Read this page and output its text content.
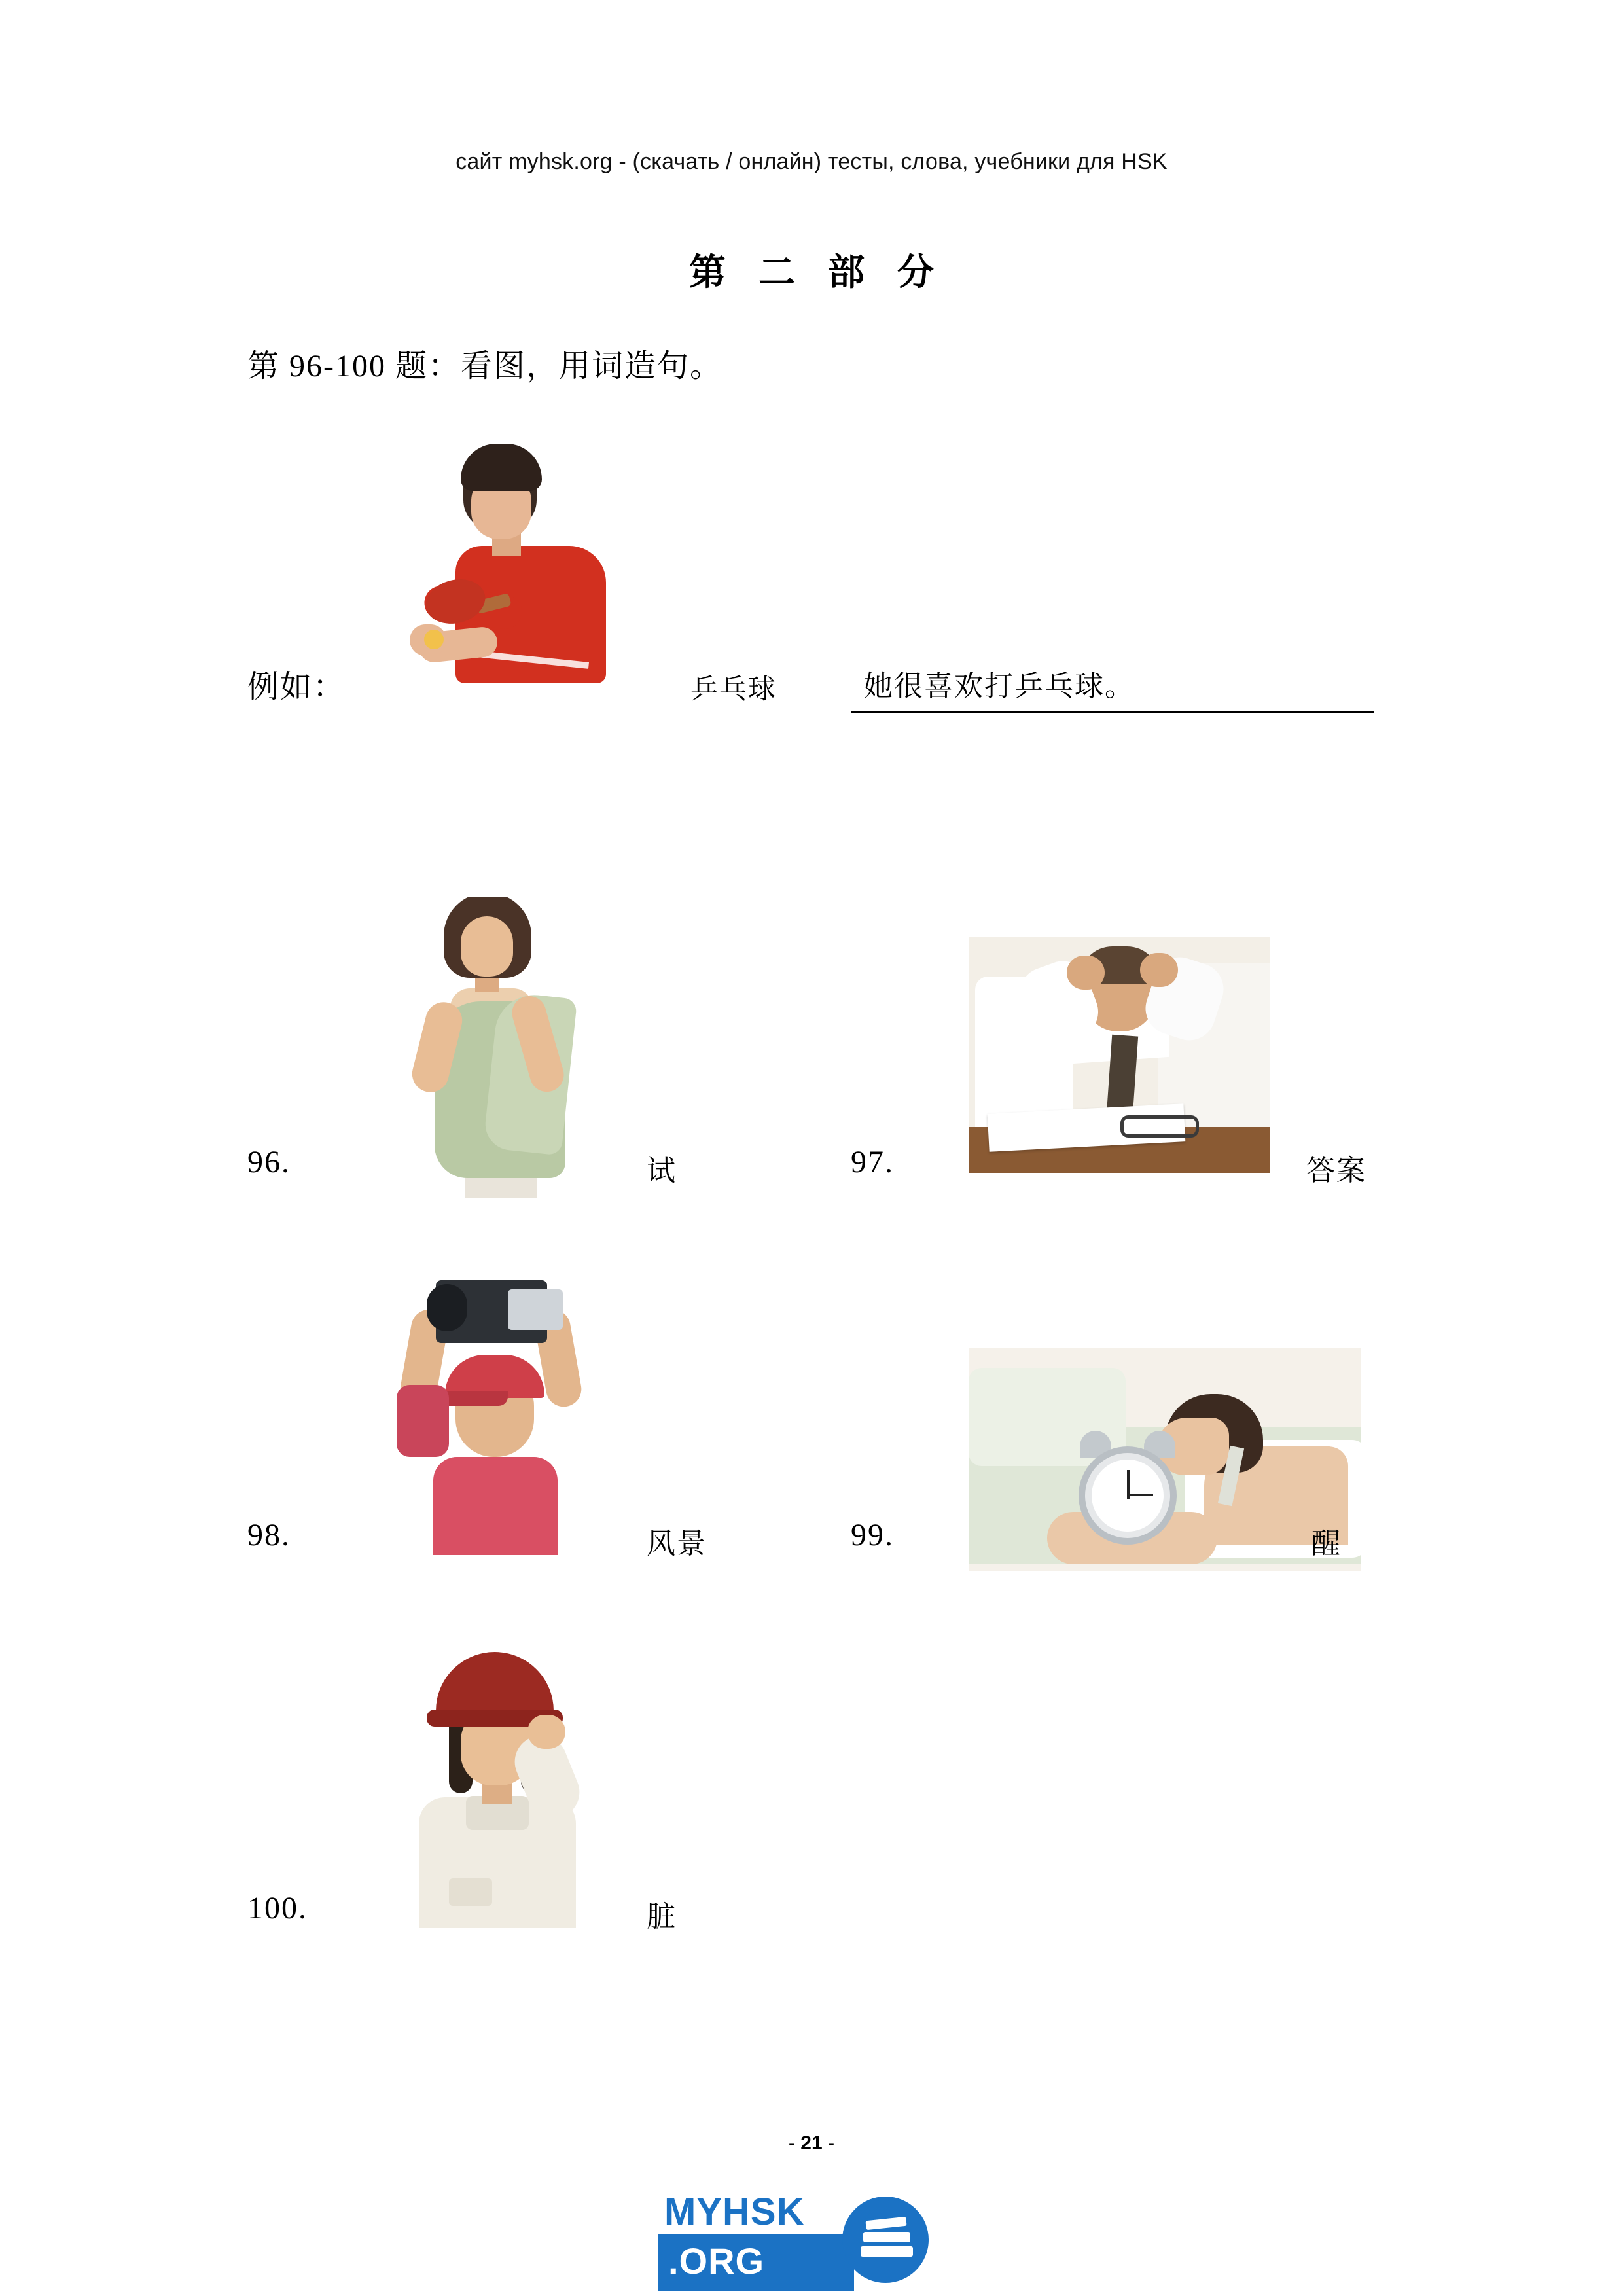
сайт myhsk.org - (скачать / онлайн) тесты, слова, учебники для HSK
第 二 部 分
第 96-100 题：看图，用词造句。
例如：	乒乓球	她很喜欢打乒乓球。
96.	试	97.	答案
98.	风景	99.	醒
100.	脏
- 21 -
MYHSK
.ORG
